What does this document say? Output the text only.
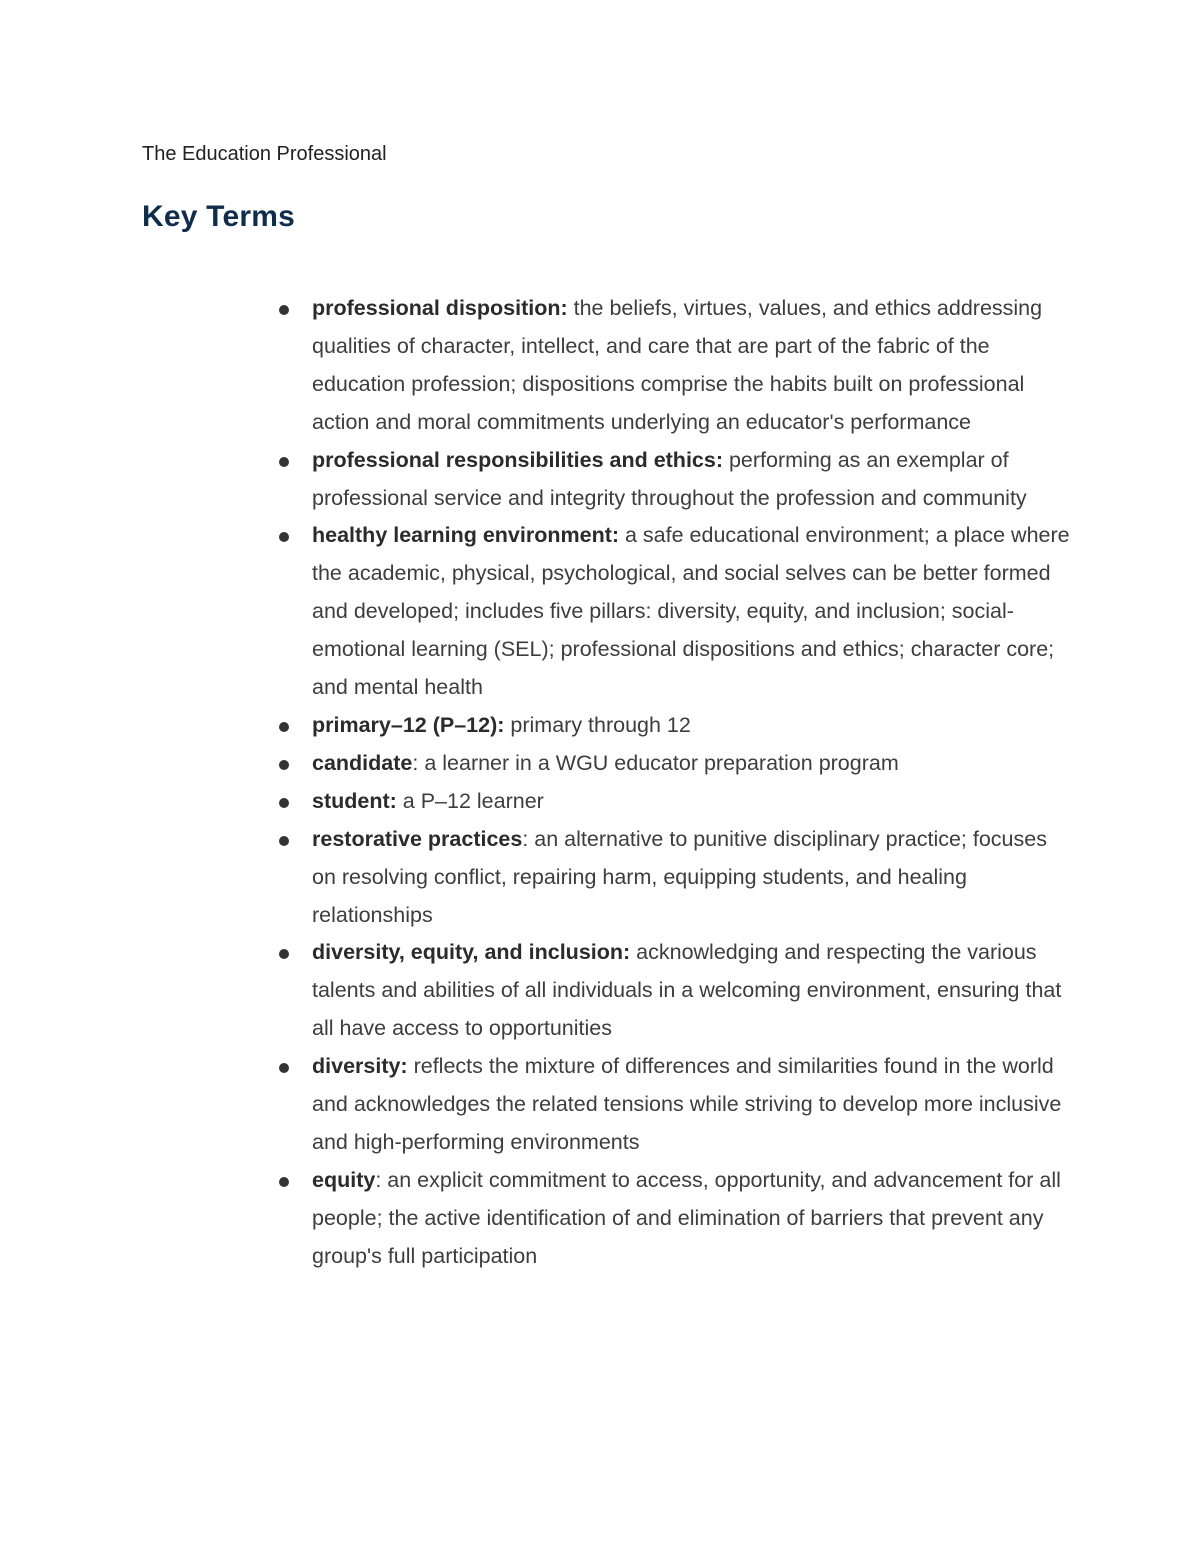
The Education Professional

Key Terms
professional disposition: the beliefs, virtues, values, and ethics addressing qualities of character, intellect, and care that are part of the fabric of the education profession; dispositions comprise the habits built on professional action and moral commitments underlying an educator's performance
professional responsibilities and ethics: performing as an exemplar of professional service and integrity throughout the profession and community
healthy learning environment: a safe educational environment; a place where the academic, physical, psychological, and social selves can be better formed and developed; includes five pillars: diversity, equity, and inclusion; social-emotional learning (SEL); professional dispositions and ethics; character core; and mental health
primary–12 (P–12): primary through 12
candidate: a learner in a WGU educator preparation program
student: a P–12 learner
restorative practices: an alternative to punitive disciplinary practice; focuses on resolving conflict, repairing harm, equipping students, and healing relationships
diversity, equity, and inclusion: acknowledging and respecting the various talents and abilities of all individuals in a welcoming environment, ensuring that all have access to opportunities
diversity: reflects the mixture of differences and similarities found in the world and acknowledges the related tensions while striving to develop more inclusive and high-performing environments
equity: an explicit commitment to access, opportunity, and advancement for all people; the active identification of and elimination of barriers that prevent any group's full participation
